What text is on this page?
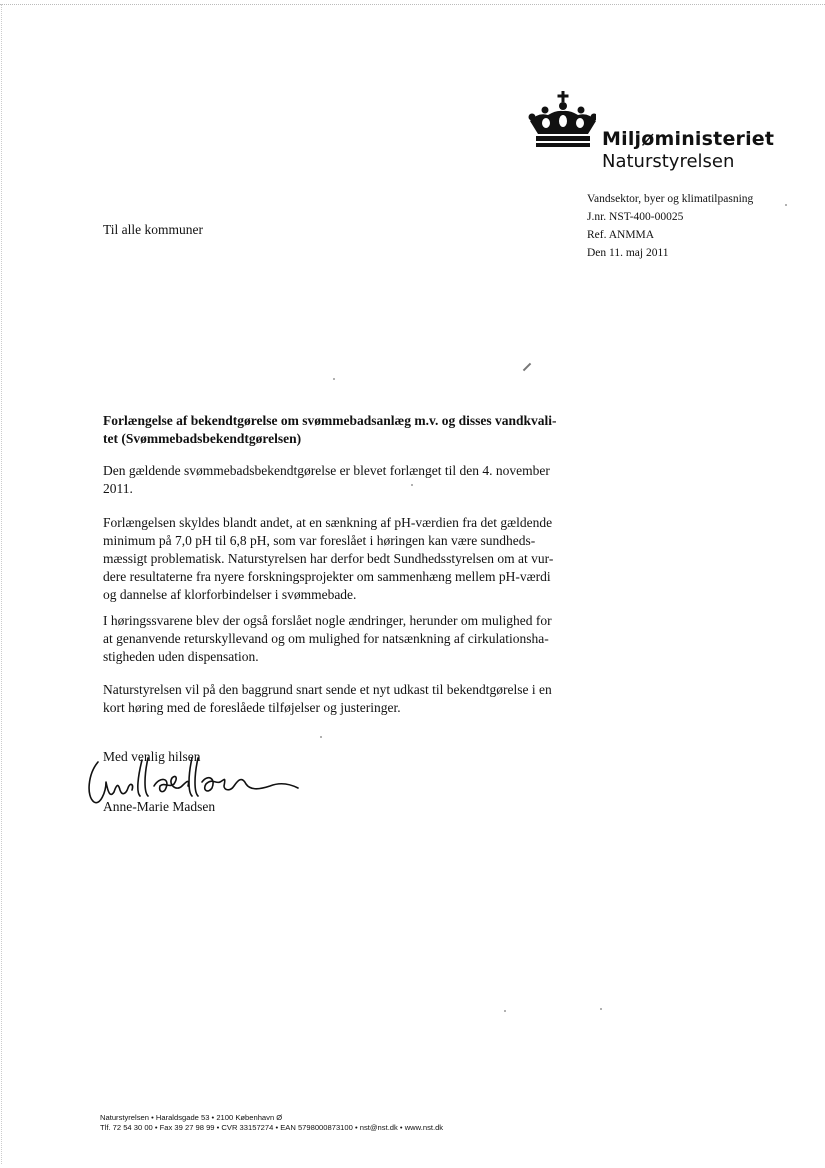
Miljøministeriet
Naturstyrelsen
Vandsektor, byer og klimatilpasning
J.nr. NST-400-00025
Ref. ANMMA
Den 11. maj 2011
Til alle kommuner
Forlængelse af bekendtgørelse om svømmebadsanlæg m.v. og disses vandkvali-
tet (Svømmebadsbekendtgørelsen)
Den gældende svømmebadsbekendtgørelse er blevet forlænget til den 4. november
2011.
Forlængelsen skyldes blandt andet, at en sænkning af pH-værdien fra det gældende
minimum på 7,0 pH til 6,8 pH, som var foreslået i høringen kan være sundheds-
mæssigt problematisk. Naturstyrelsen har derfor bedt Sundhedsstyrelsen om at vur-
dere resultaterne fra nyere forskningsprojekter om sammenhæng mellem pH-værdi
og dannelse af klorforbindelser i svømmebade.
I høringssvarene blev der også forslået nogle ændringer, herunder om mulighed for
at genanvende returskyllevand og om mulighed for natsænkning af cirkulationsha-
stigheden uden dispensation.
Naturstyrelsen vil på den baggrund snart sende et nyt udkast til bekendtgørelse i en
kort høring med de foreslåede tilføjelser og justeringer.
Med venlig hilsen
Anne-Marie Madsen
Naturstyrelsen • Haraldsgade 53 • 2100 København Ø
Tlf. 72 54 30 00 • Fax 39 27 98 99 • CVR 33157274 • EAN 5798000873100 • nst@nst.dk • www.nst.dk
